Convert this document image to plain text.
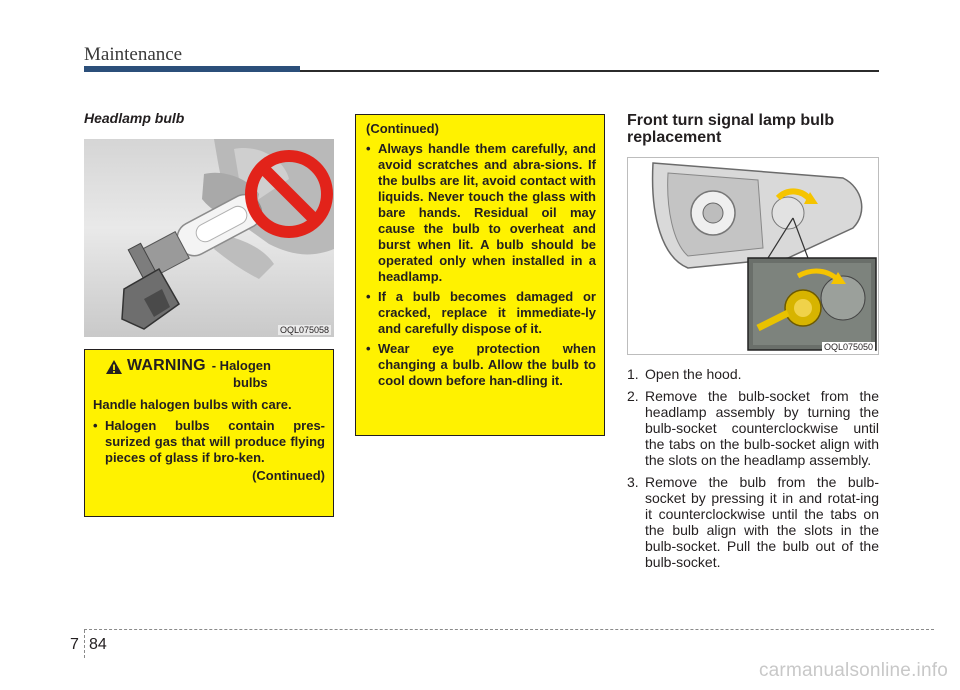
Maintenance
Headlamp bulb
OQL075058
WARNING - Halogen
bulbs
Handle halogen bulbs with care.
• Halogen bulbs contain pres-surized gas that will produce flying pieces of glass if bro-ken.
(Continued)
(Continued)
• Always handle them carefully, and avoid scratches and abra-sions. If the bulbs are lit, avoid contact with liquids. Never touch the glass with bare hands. Residual oil may cause the bulb to overheat and burst when lit. A bulb should be operated only when installed in a headlamp.
• If a bulb becomes damaged or cracked, replace it immediate-ly and carefully dispose of it.
• Wear eye protection when changing a bulb. Allow the bulb to cool down before han-dling it.
Front turn signal lamp bulb replacement
OQL075050
1. Open the hood.
2. Remove the bulb-socket from the headlamp assembly by turning the bulb-socket counterclockwise until the tabs on the bulb-socket align with the slots on the headlamp assembly.
3. Remove the bulb from the bulb-socket by pressing it in and rotat-ing it counterclockwise until the tabs on the bulb align with the slots in the bulb-socket. Pull the bulb out of the bulb-socket.
7 84
carmanualsonline.info
